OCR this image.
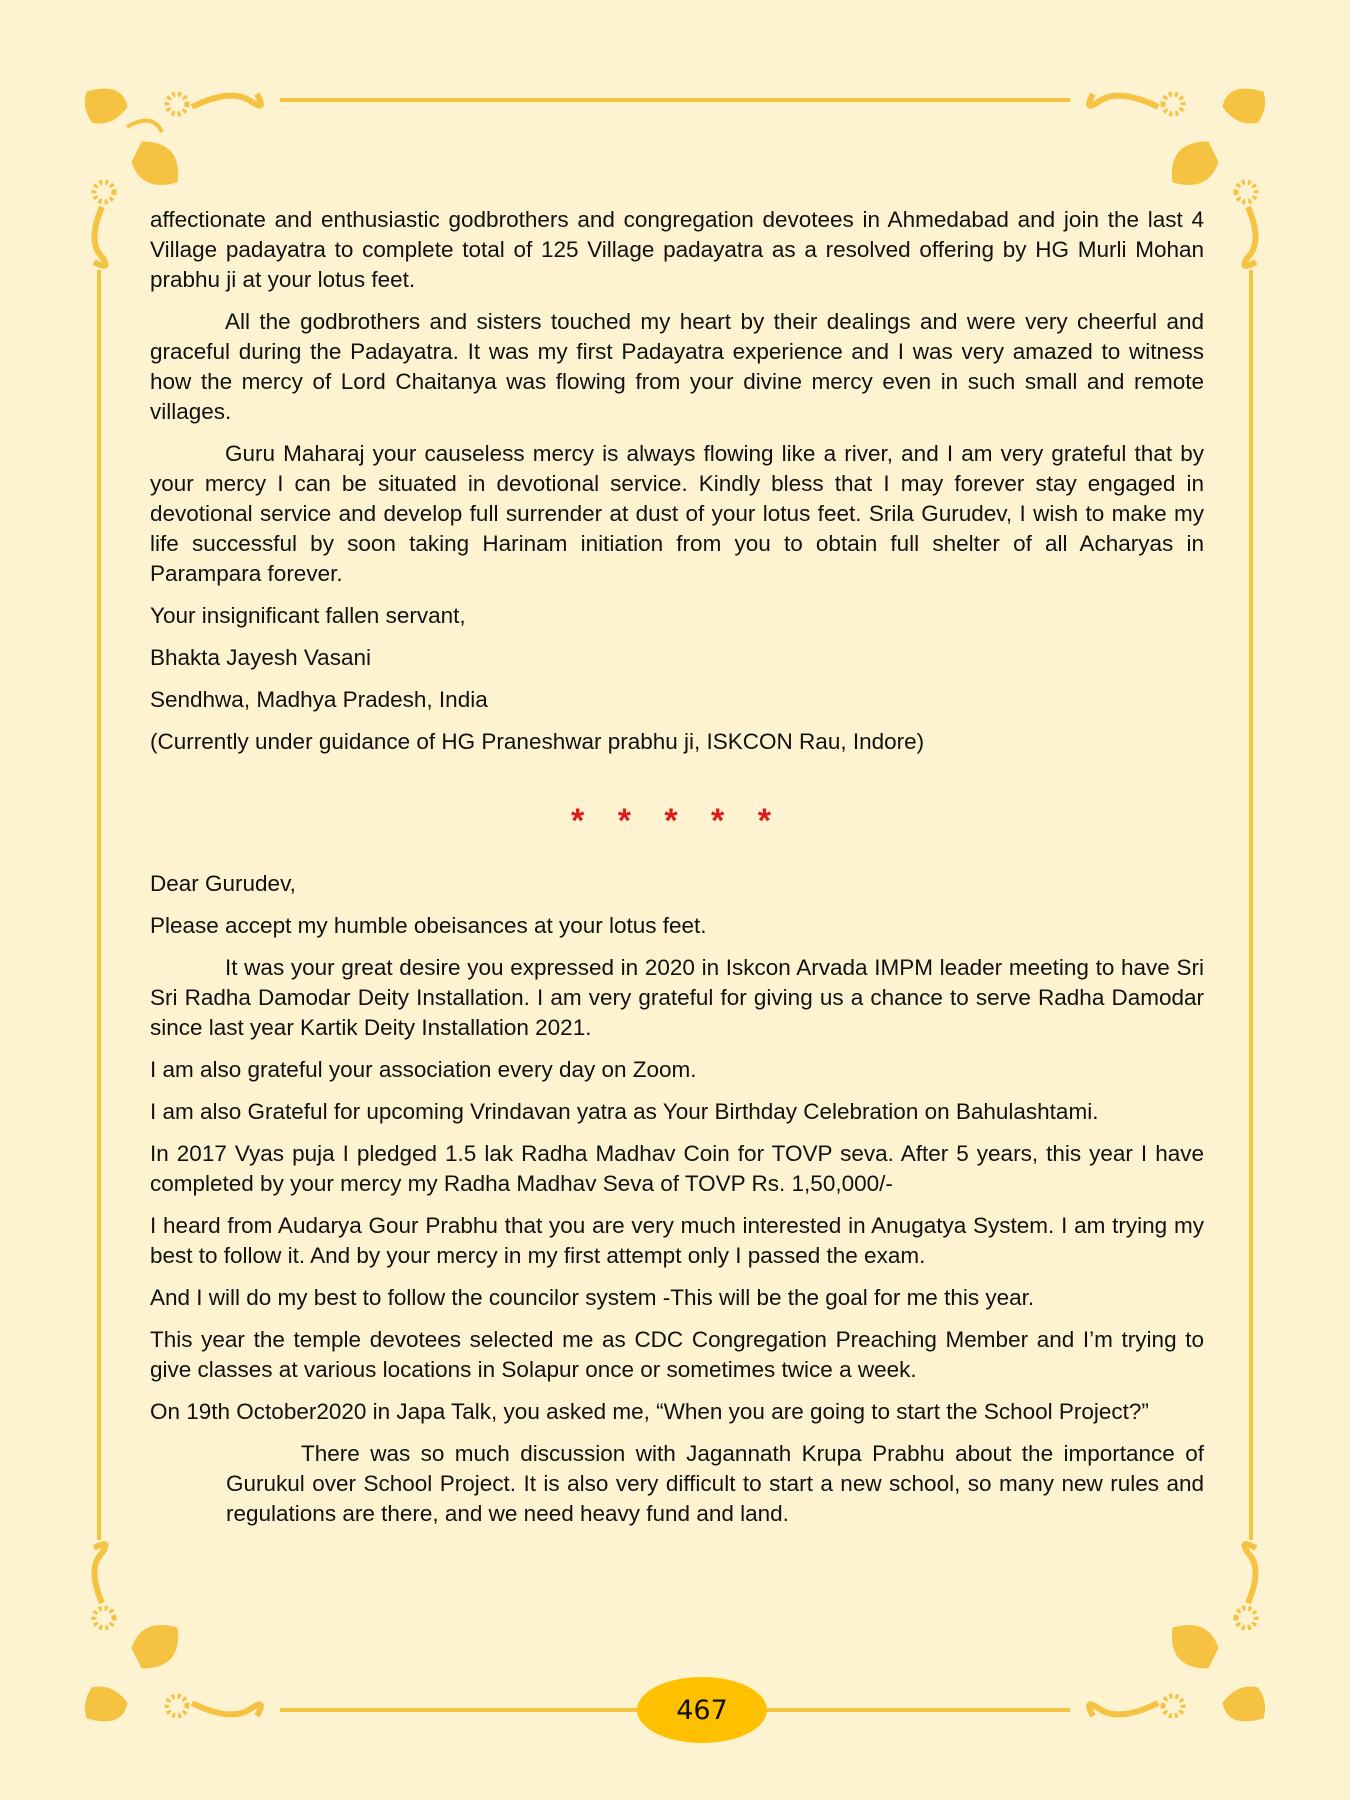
affectionate and enthusiastic godbrothers and congregation devotees in Ahmedabad and join the last 4 Village padayatra to complete total of 125 Village padayatra as a resolved offering by HG Murli Mohan prabhu ji at your lotus feet.

All the godbrothers and sisters touched my heart by their dealings and were very cheerful and graceful during the Padayatra. It was my first Padayatra experience and I was very amazed to witness how the mercy of Lord Chaitanya was flowing from your divine mercy even in such small and remote villages.

Guru Maharaj your causeless mercy is always flowing like a river, and I am very grateful that by your mercy I can be situated in devotional service. Kindly bless that I may forever stay engaged in devotional service and develop full surrender at dust of your lotus feet. Srila Gurudev, I wish to make my life successful by soon taking Harinam initiation from you to obtain full shelter of all Acharyas in Parampara forever.

Your insignificant fallen servant,

Bhakta Jayesh Vasani

Sendhwa, Madhya Pradesh, India

(Currently under guidance of HG Praneshwar prabhu ji, ISKCON Rau, Indore)

* * * * *

Dear Gurudev,

Please accept my humble obeisances at your lotus feet.

It was your great desire you expressed in 2020 in Iskcon Arvada IMPM leader meeting to have Sri Sri Radha Damodar Deity Installation. I am very grateful for giving us a chance to serve Radha Damodar since last year Kartik Deity Installation 2021.

I am also grateful your association every day on Zoom.

I am also Grateful for upcoming Vrindavan yatra as Your Birthday Celebration on Bahulashtami.

In 2017 Vyas puja I pledged 1.5 lak Radha Madhav Coin for TOVP seva. After 5 years, this year I have completed by your mercy my Radha Madhav Seva of TOVP Rs. 1,50,000/-

I heard from Audarya Gour Prabhu that you are very much interested in Anugatya System. I am trying my best to follow it. And by your mercy in my first attempt only I passed the exam.

And I will do my best to follow the councilor system -This will be the goal for me this year.

This year the temple devotees selected me as CDC Congregation Preaching Member and I’m trying to give classes at various locations in Solapur once or sometimes twice a week.

On 19th October2020 in Japa Talk, you asked me, “When you are going to start the School Project?”

There was so much discussion with Jagannath Krupa Prabhu about the importance of Gurukul over School Project. It is also very difficult to start a new school, so many new rules and regulations are there, and we need heavy fund and land.

467
